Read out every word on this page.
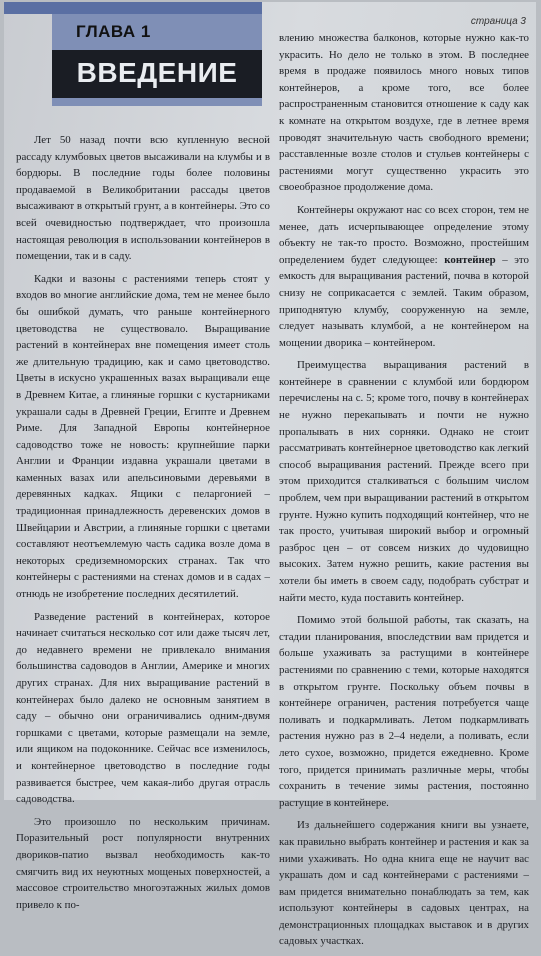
ГЛАВА 1
ВВЕДЕНИЕ
страница 3

Лет 50 назад почти всю купленную весной рассаду клумбовых цветов высаживали на клумбы и в бордюры. В последние годы более половины продаваемой в Великобритании рассады цветов высаживают в открытый грунт, а в контейнеры. Это со всей очевидностью подтверждает, что произошла настоящая революция в использовании контейнеров в помещении, так и в саду.

Кадки и вазоны с растениями теперь стоят у входов во многие английские дома, тем не менее было бы ошибкой думать, что раньше контейнерного цветоводства не существовало. Выращивание растений в контейнерах вне помещения имеет столь же длительную традицию, как и само цветоводство. Цветы в искусно украшенных вазах выращивали еще в Древнем Китае, а глиняные горшки с кустарниками украшали сады в Древней Греции, Египте и Древнем Риме. Для Западной Европы контейнерное садоводство тоже не новость: крупнейшие парки Англии и Франции издавна украшали цветами в каменных вазах или апельсиновыми деревьями в деревянных кадках. Ящики с пеларгонией – традиционная принадлежность деревенских домов в Швейцарии и Австрии, а глиняные горшки с цветами составляют неотъемлемую часть садика возле дома в некоторых средиземноморских странах. Так что контейнеры с растениями на стенах домов и в садах – отнюдь не изобретение последних десятилетий.

Разведение растений в контейнерах, которое начинает считаться несколько сот или даже тысяч лет, до недавнего времени не привлекало внимания большинства садоводов в Англии, Америке и многих других странах. Для них выращивание растений в контейнерах было далеко не основным занятием в саду – обычно они ограничивались одним-двумя горшками с цветами, которые размещали на земле, или ящиком на подоконнике. Сейчас все изменилось, и контейнерное цветоводство в последние годы развивается быстрее, чем какая-либо другая отрасль садоводства.

Это произошло по нескольким причинам. Поразительный рост популярности внутренних двориков-патио вызвал необходимость как-то смягчить вид их неуютных мощеных поверхностей, а массовое строительство многоэтажных жилых домов привело к по-

влению множества балконов, которые нужно как-то украсить. Но дело не только в этом. В последнее время в продаже появилось много новых типов контейнеров, а кроме того, все более распространенным становится отношение к саду как к комнате на открытом воздухе, где в летнее время проводят значительную часть свободного времени; расставленные возле столов и стульев контейнеры с растениями могут существенно украсить это своеобразное продолжение дома.

Контейнеры окружают нас со всех сторон, тем не менее, дать исчерпывающее определение этому объекту не так-то просто. Возможно, простейшим определением будет следующее: контейнер – это емкость для выращивания растений, почва в которой снизу не соприкасается с землей. Таким образом, приподнятую клумбу, сооруженную на земле, следует называть клумбой, а не контейнером на мощении дворика – контейнером.

Преимущества выращивания растений в контейнере в сравнении с клумбой или бордюром перечислены на с. 5; кроме того, почву в контейнерах не нужно перекапывать и почти не нужно пропалывать в них сорняки. Однако не стоит рассматривать контейнерное цветоводство как легкий способ выращивания растений. Прежде всего при этом приходится сталкиваться с большим числом проблем, чем при выращивании растений в открытом грунте. Нужно купить подходящий контейнер, что не так просто, учитывая широкий выбор и огромный разброс цен – от совсем низких до чудовищно высоких. Затем нужно решить, какие растения вы хотели бы иметь в своем саду, подобрать субстрат и найти место, куда поставить контейнер.

Помимо этой большой работы, так сказать, на стадии планирования, впоследствии вам придется и больше ухаживать за растущими в контейнере растениями по сравнению с теми, которые находятся в открытом грунте. Поскольку объем почвы в контейнере ограничен, растения потребуется чаще поливать и подкармливать. Летом подкармливать растения нужно раз в 2–4 недели, а поливать, если лето сухое, возможно, придется ежедневно. Кроме того, придется принимать различные меры, чтобы сохранить в течение зимы растения, постоянно растущие в контейнере.

Из дальнейшего содержания книги вы узнаете, как правильно выбрать контейнер и растения и как за ними ухаживать. Но одна книга еще не научит вас украшать дом и сад контейнерами с растениями – вам придется внимательно понаблюдать за тем, как используют контейнеры в садовых центрах, на демонстрационных площадках выставок и в других садовых участках.
